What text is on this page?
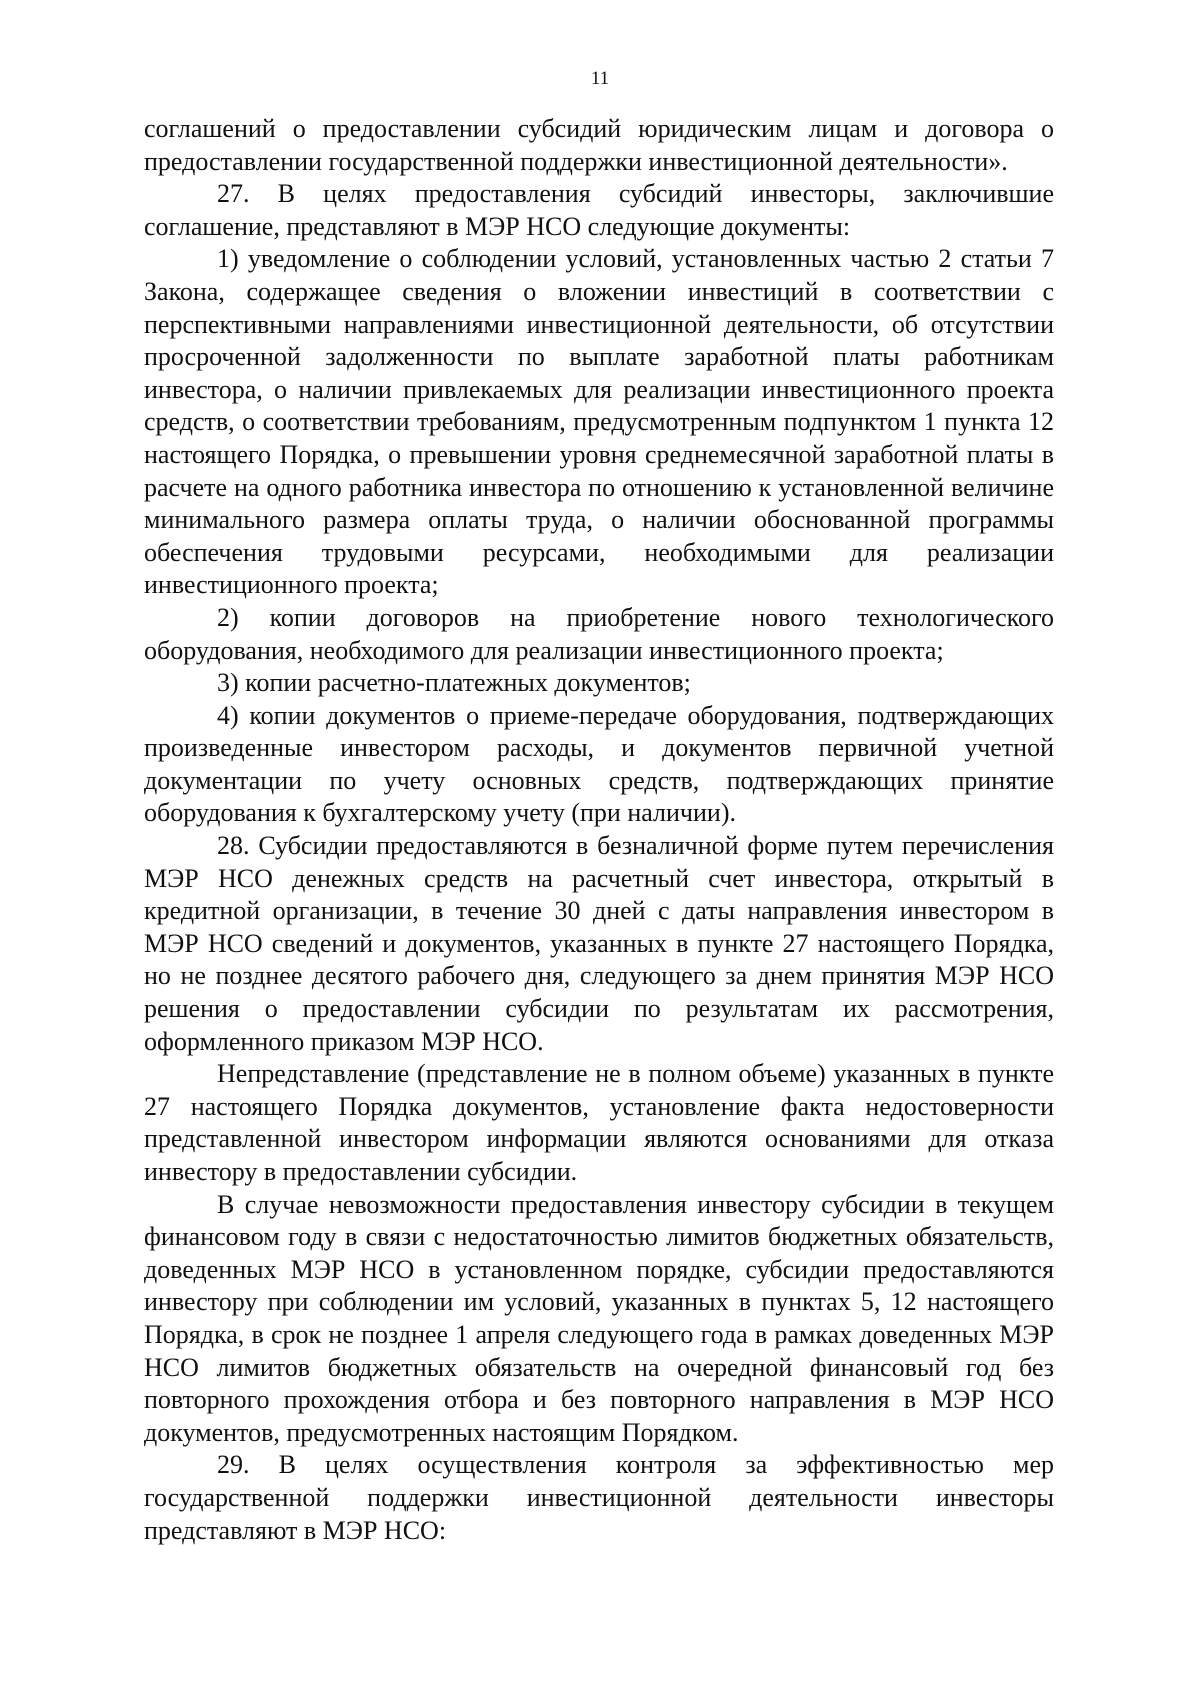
11

соглашений о предоставлении субсидий юридическим лицам и договора о предоставлении государственной поддержки инвестиционной деятельности».

27. В целях предоставления субсидий инвесторы, заключившие соглашение, представляют в МЭР НСО следующие документы:

1) уведомление о соблюдении условий, установленных частью 2 статьи 7 Закона, содержащее сведения о вложении инвестиций в соответствии с перспективными направлениями инвестиционной деятельности, об отсутствии просроченной задолженности по выплате заработной платы работникам инвестора, о наличии привлекаемых для реализации инвестиционного проекта средств, о соответствии требованиям, предусмотренным подпунктом 1 пункта 12 настоящего Порядка, о превышении уровня среднемесячной заработной платы в расчете на одного работника инвестора по отношению к установленной величине минимального размера оплаты труда, о наличии обоснованной программы обеспечения трудовыми ресурсами, необходимыми для реализации инвестиционного проекта;

2) копии договоров на приобретение нового технологического оборудования, необходимого для реализации инвестиционного проекта;

3) копии расчетно-платежных документов;

4) копии документов о приеме-передаче оборудования, подтверждающих произведенные инвестором расходы, и документов первичной учетной документации по учету основных средств, подтверждающих принятие оборудования к бухгалтерскому учету (при наличии).

28. Субсидии предоставляются в безналичной форме путем перечисления МЭР НСО денежных средств на расчетный счет инвестора, открытый в кредитной организации, в течение 30 дней с даты направления инвестором в МЭР НСО сведений и документов, указанных в пункте 27 настоящего Порядка, но не позднее десятого рабочего дня, следующего за днем принятия МЭР НСО решения о предоставлении субсидии по результатам их рассмотрения, оформленного приказом МЭР НСО.

Непредставление (представление не в полном объеме) указанных в пункте 27 настоящего Порядка документов, установление факта недостоверности представленной инвестором информации являются основаниями для отказа инвестору в предоставлении субсидии.

В случае невозможности предоставления инвестору субсидии в текущем финансовом году в связи с недостаточностью лимитов бюджетных обязательств, доведенных МЭР НСО в установленном порядке, субсидии предоставляются инвестору при соблюдении им условий, указанных в пунктах 5, 12 настоящего Порядка, в срок не позднее 1 апреля следующего года в рамках доведенных МЭР НСО лимитов бюджетных обязательств на очередной финансовый год без повторного прохождения отбора и без повторного направления в МЭР НСО документов, предусмотренных настоящим Порядком.

29. В целях осуществления контроля за эффективностью мер государственной поддержки инвестиционной деятельности инвесторы представляют в МЭР НСО:
